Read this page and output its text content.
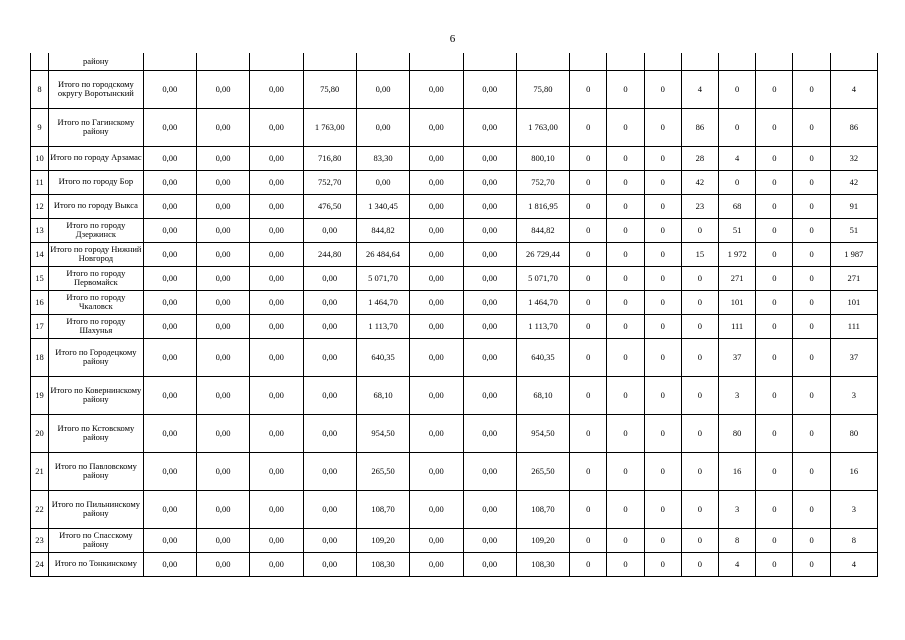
6
	району																
8	Итого по городскому округу Воротынский	0,00	0,00	0,00	75,80	0,00	0,00	0,00	75,80	0	0	0	4	0	0	0	4
9	Итого по Гагинскому району	0,00	0,00	0,00	1 763,00	0,00	0,00	0,00	1 763,00	0	0	0	86	0	0	0	86
10	Итого по городу Арзамас	0,00	0,00	0,00	716,80	83,30	0,00	0,00	800,10	0	0	0	28	4	0	0	32
11	Итого по городу Бор	0,00	0,00	0,00	752,70	0,00	0,00	0,00	752,70	0	0	0	42	0	0	0	42
12	Итого по городу Выкса	0,00	0,00	0,00	476,50	1 340,45	0,00	0,00	1 816,95	0	0	0	23	68	0	0	91
13	Итого по городу Дзержинск	0,00	0,00	0,00	0,00	844,82	0,00	0,00	844,82	0	0	0	0	51	0	0	51
14	Итого по городу Нижний Новгород	0,00	0,00	0,00	244,80	26 484,64	0,00	0,00	26 729,44	0	0	0	15	1 972	0	0	1 987
15	Итого по городу Первомайск	0,00	0,00	0,00	0,00	5 071,70	0,00	0,00	5 071,70	0	0	0	0	271	0	0	271
16	Итого по городу Чкаловск	0,00	0,00	0,00	0,00	1 464,70	0,00	0,00	1 464,70	0	0	0	0	101	0	0	101
17	Итого по городу Шахунья	0,00	0,00	0,00	0,00	1 113,70	0,00	0,00	1 113,70	0	0	0	0	111	0	0	111
18	Итого по Городецкому району	0,00	0,00	0,00	0,00	640,35	0,00	0,00	640,35	0	0	0	0	37	0	0	37
19	Итого по Ковернинскому району	0,00	0,00	0,00	0,00	68,10	0,00	0,00	68,10	0	0	0	0	3	0	0	3
20	Итого по Кстовскому району	0,00	0,00	0,00	0,00	954,50	0,00	0,00	954,50	0	0	0	0	80	0	0	80
21	Итого по Павловскому району	0,00	0,00	0,00	0,00	265,50	0,00	0,00	265,50	0	0	0	0	16	0	0	16
22	Итого по Пильнинскому району	0,00	0,00	0,00	0,00	108,70	0,00	0,00	108,70	0	0	0	0	3	0	0	3
23	Итого по Спасскому району	0,00	0,00	0,00	0,00	109,20	0,00	0,00	109,20	0	0	0	0	8	0	0	8
24	Итого по Тонкинскому	0,00	0,00	0,00	0,00	108,30	0,00	0,00	108,30	0	0	0	0	4	0	0	4
